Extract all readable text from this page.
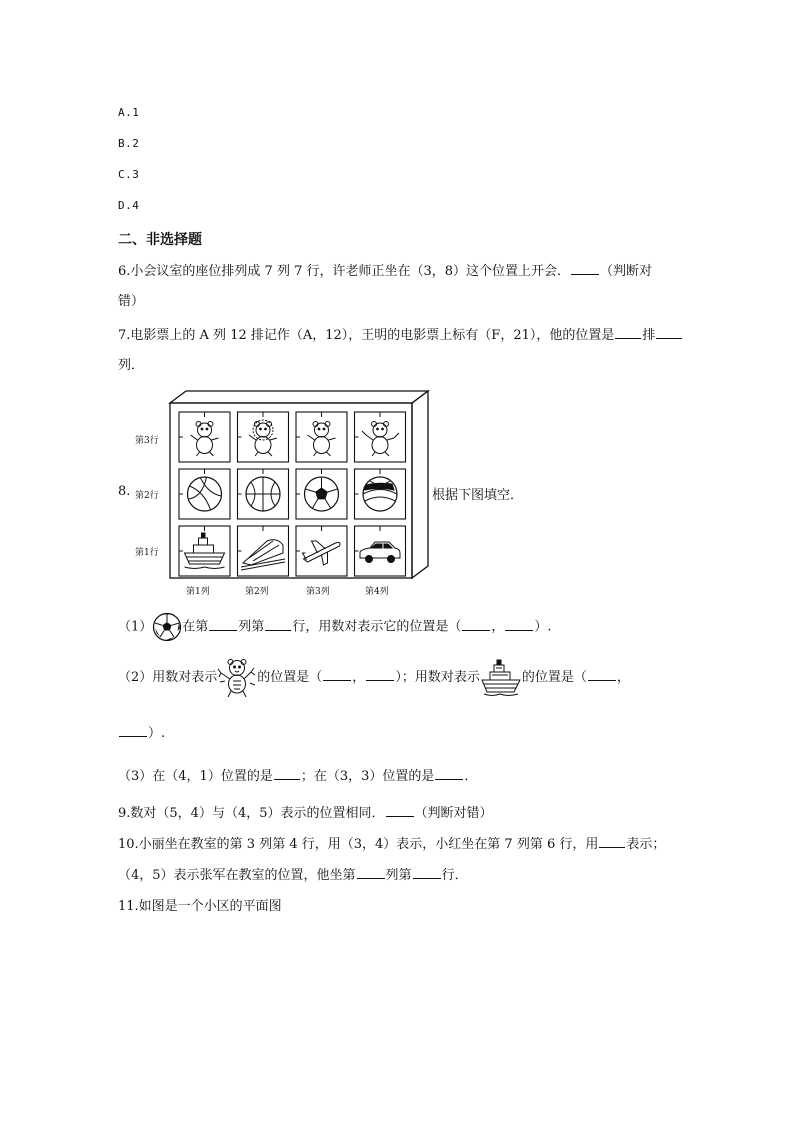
A.1
B.2
C.3
D.4
二、非选择题
6.小会议室的座位排列成 7 列 7 行，许老师正坐在（3，8）这个位置上开会． （判断对
错）
7.电影票上的 A 列 12 排记作（A，12），王明的电影票上标有（F，21），他的位置是 排
列．
8.
第3行
第2行
第1行
第1列	第2列	第3列	第4列
根据下图填空．
（1） 在第 列第 行，用数对表示它的位置是（ ， ）.
（2）用数对表示	的位置是（ ， ）；用数对表示	的位置是（ ，
）.
（3）在（4，1）位置的是 ；在（3，3）位置的是 ．
9.数对（5，4）与（4，5）表示的位置相同． （判断对错）
10.小丽坐在教室的第 3 列第 4 行，用（3，4）表示，小红坐在第 7 列第 6 行，用 表示；
（4，5）表示张军在教室的位置，他坐第 列第 行．
11.如图是一个小区的平面图
